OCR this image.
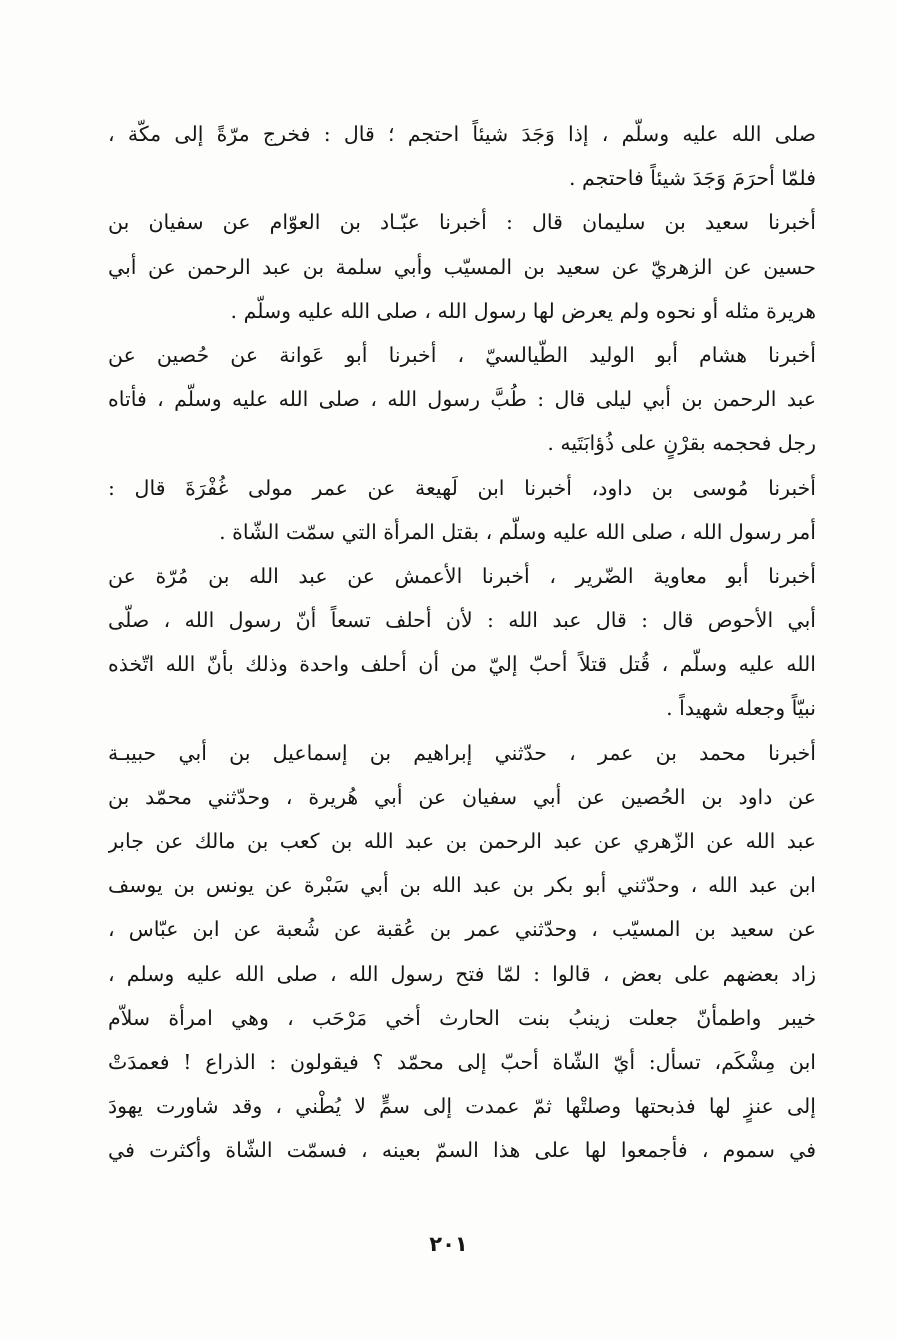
صلى الله عليه وسلّم ، إذا وَجَدَ شيئاً احتجم ؛ قال : فخرج مرّةً إلى مكّة ،
فلمّا أحرَمَ وَجَدَ شيئاً فاحتجم .
أخبرنا سعيد بن سليمان قال : أخبرنا عبّـاد بن العوّام عن سفيان بن
حسين عن الزهريّ عن سعيد بن المسيّب وأبي سلمة بن عبد الرحمن عن أبي
هريرة مثله أو نحوه ولم يعرض لها رسول الله ، صلى الله عليه وسلّم .
أخبرنا هشام أبو الوليد الطّيالسيّ ، أخبرنا أبو عَوانة عن حُصين عن
عبد الرحمن بن أبي ليلى قال : طُبَّ رسول الله ، صلى الله عليه وسلّم ، فأتاه
رجل فحجمه بقرْنٍ على ذُؤابَتَيه .
أخبرنا مُوسى بن داود، أخبرنا ابن لَهيعة عن عمر مولى غُفْرَةَ قال :
أمر رسول الله ، صلى الله عليه وسلّم ، بقتل المرأة التي سمّت الشّاة .
أخبرنا أبو معاوية الضّرير ، أخبرنا الأعمش عن عبد الله بن مُرّة عن
أبي الأحوص قال : قال عبد الله : لأن أحلف تسعاً أنّ رسول الله ، صلّى
الله عليه وسلّم ، قُتل قتلاً أحبّ إليّ من أن أحلف واحدة وذلك بأنّ الله اتّخذه
نبيّاً وجعله شهيداً .
أخبرنا محمد بن عمر ، حدّثني إبراهيم بن إسماعيل بن أبي حبيبـة
عن داود بن الحُصين عن أبي سفيان عن أبي هُريرة ، وحدّثني محمّد بن
عبد الله عن الزّهري عن عبد الرحمن بن عبد الله بن كعب بن مالك عن جابر
ابن عبد الله ، وحدّثني أبو بكر بن عبد الله بن أبي سَبْرة عن يونس بن يوسف
عن سعيد بن المسيّب ، وحدّثني عمر بن عُقبة عن شُعبة عن ابن عبّاس ،
زاد بعضهم على بعض ، قالوا : لمّا فتح رسول الله ، صلى الله عليه وسلم ،
خيبر واطمأنّ جعلت زينبُ بنت الحارث أخي مَرْحَب ، وهي امرأة سلاّم
ابن مِشْكَم، تسأل: أيّ الشّاة أحبّ إلى محمّد ؟ فيقولون : الذراع ! فعمدَتْ
إلى عنزٍ لها فذبحتها وصلتْها ثمّ عمدت إلى سمٍّ لا يُطْني ، وقد شاورت يهودَ
في سموم ، فأجمعوا لها على هذا السمّ بعينه ، فسمّت الشّاة وأكثرت في
٢٠١
